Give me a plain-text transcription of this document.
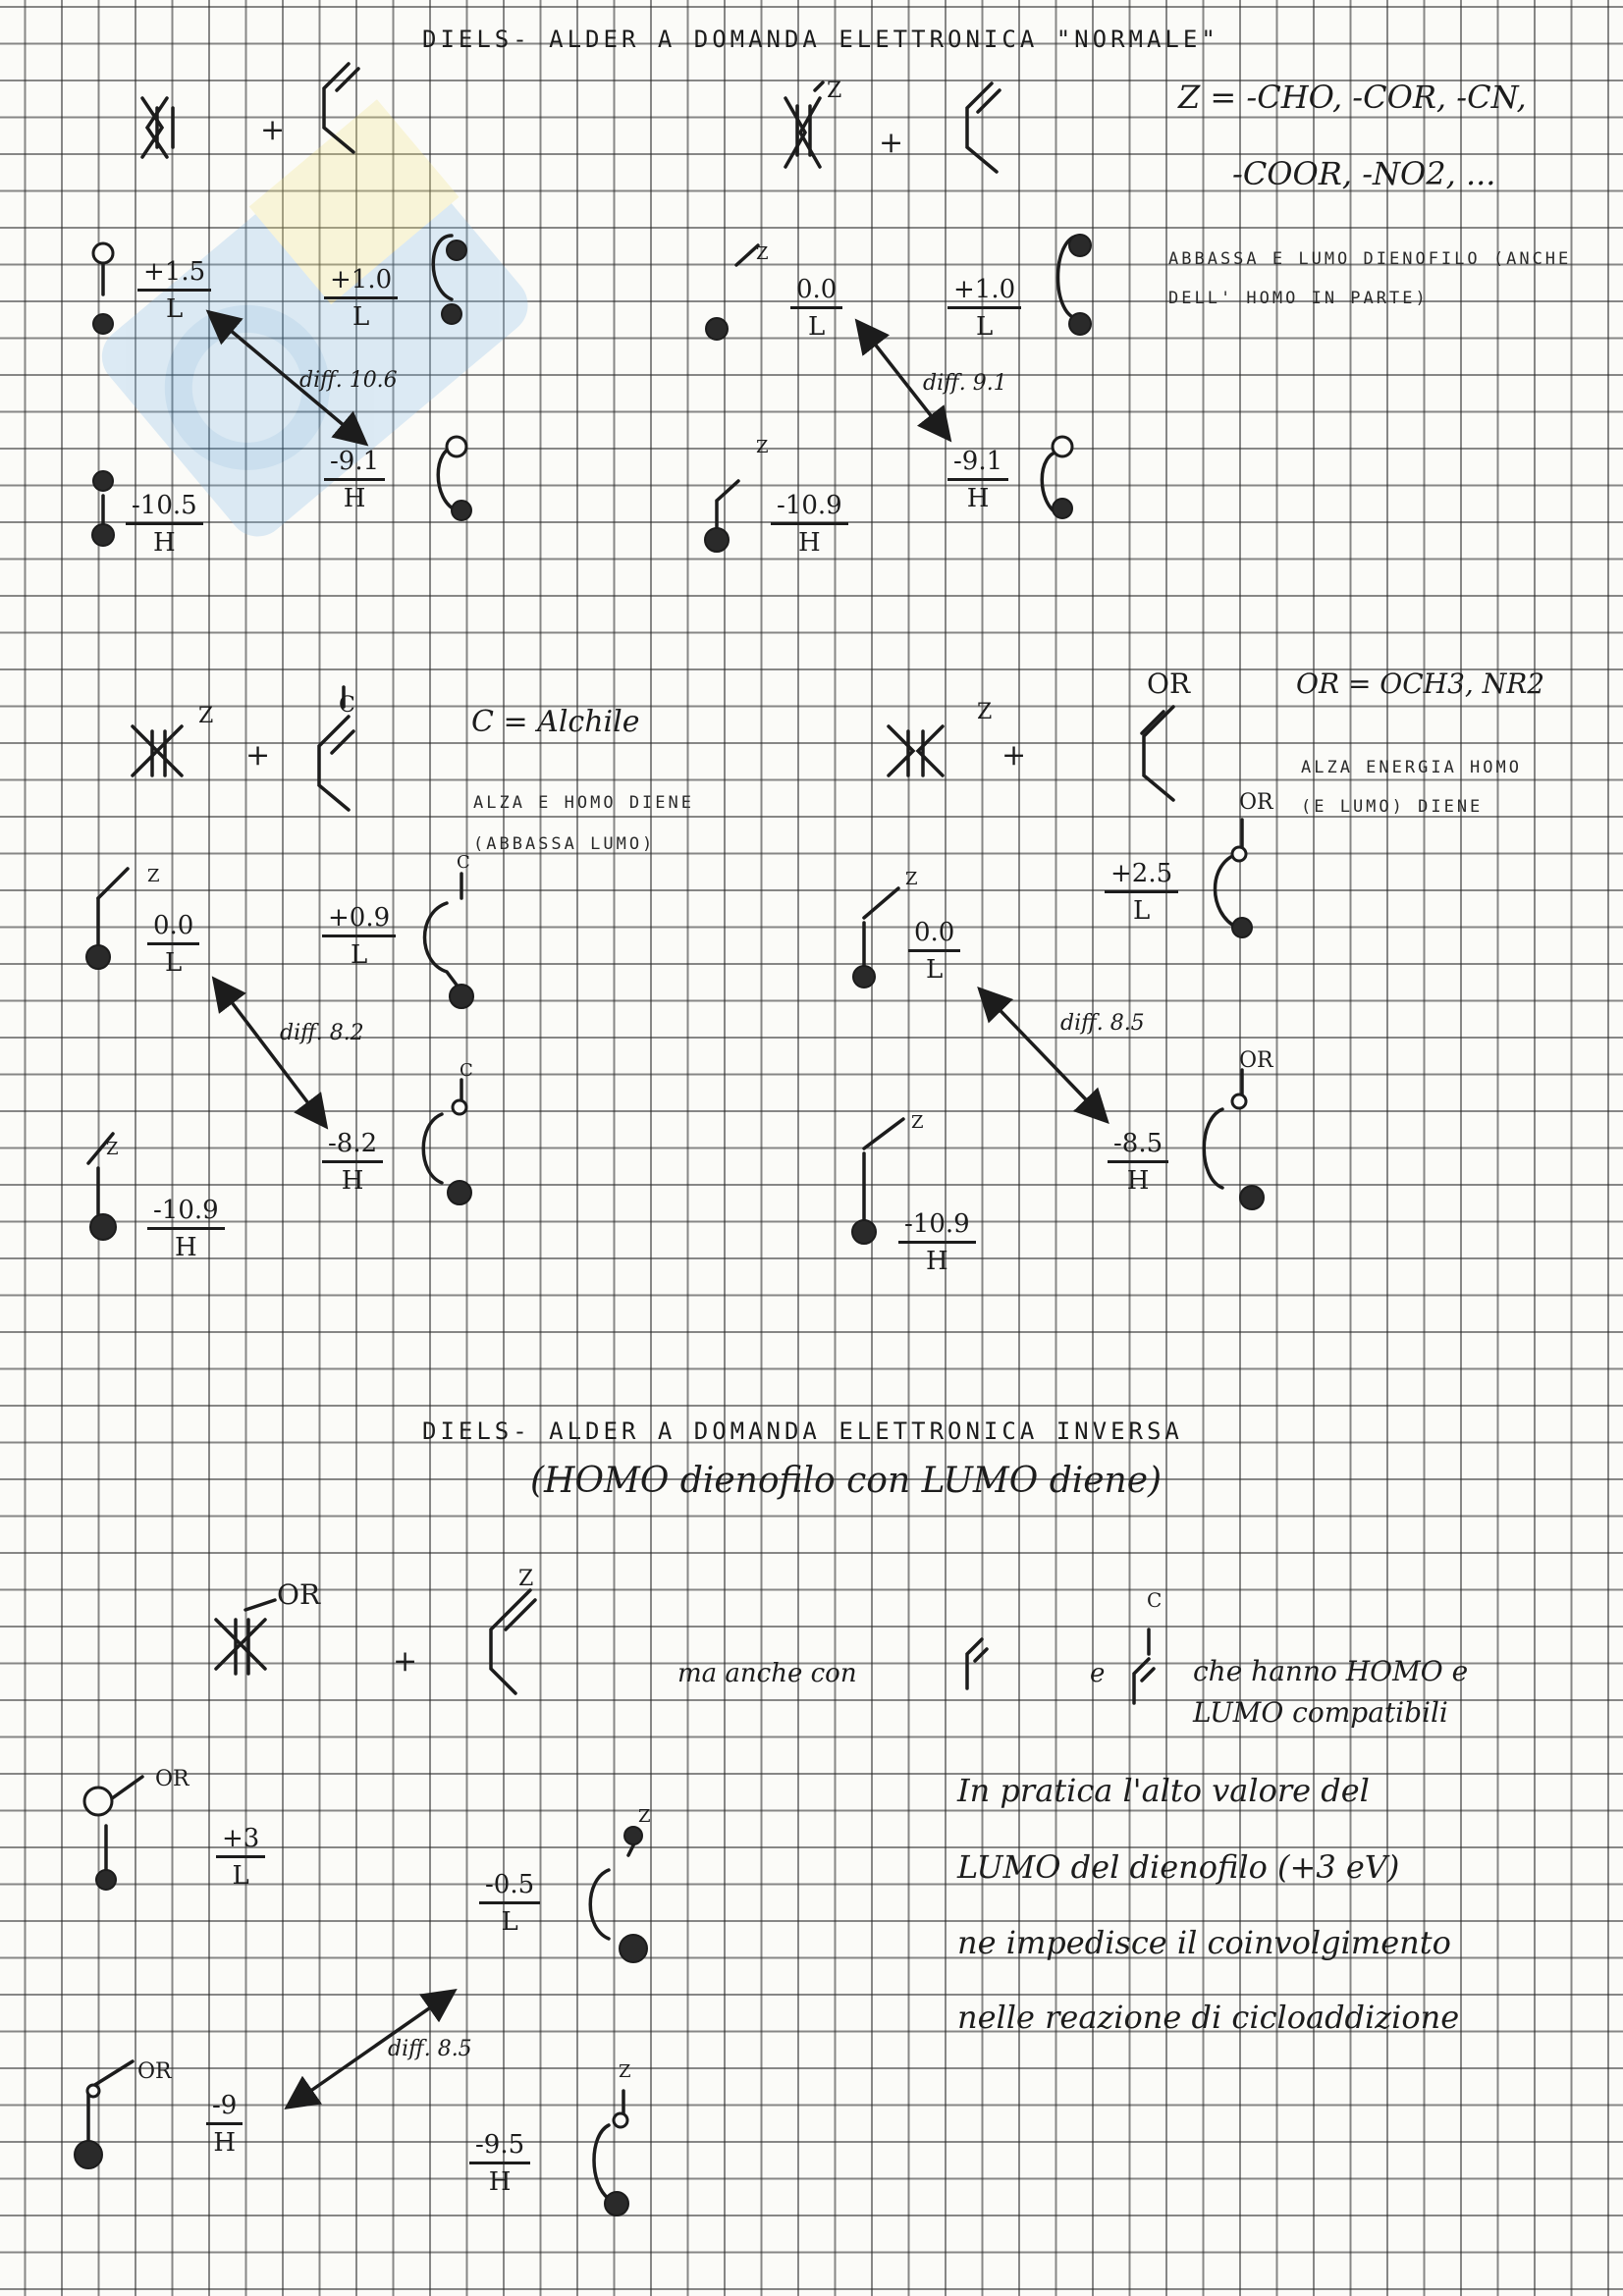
DIELS- ALDER A DOMANDA ELETTRONICA "NORMALE"
DIELS- ALDER A DOMANDA ELETTRONICA INVERSA
(HOMO dienofilo con LUMO diene)
Z = -CHO, -COR, -CN,
-COOR, -NO2, ...
ABBASSA E LUMO DIENOFILO (ANCHE
DELL' HOMO IN PARTE)
C = Alchile
ALZA E HOMO DIENE
(ABBASSA LUMO)
OR = OCH3, NR2
ALZA ENERGIA HOMO
(E LUMO) DIENE
ma anche con	e	che hanno HOMO e
LUMO compatibili
In pratica l'alto valore del
LUMO del dienofilo (+3 eV)
ne impedisce il coinvolgimento
nelle reazione di cicloaddizione
+	+
+	+
+
Z
Z	Z
C
OR
OR	Z
C
Z
Z
Z
Z
C
C
Z
Z
OR
OR
OR
OR
Z
Z
$\frac{+1.5}{L}$
$\frac{-10.5}{H}$
$\frac{+1.0}{L}$
$\frac{-9.1}{H}$
diff. 10.6
$\frac{0.0}{L}$
$\frac{-10.9}{H}$
$\frac{+1.0}{L}$
$\frac{-9.1}{H}$
diff. 9.1
$\frac{0.0}{L}$
$\frac{-10.9}{H}$
$\frac{+0.9}{L}$
$\frac{-8.2}{H}$
diff. 8.2
$\frac{0.0}{L}$
$\frac{-10.9}{H}$
$\frac{+2.5}{L}$
$\frac{-8.5}{H}$
diff. 8.5
$\frac{+3}{L}$
$\frac{-9}{H}$
$\frac{-0.5}{L}$
$\frac{-9.5}{H}$
diff. 8.5
